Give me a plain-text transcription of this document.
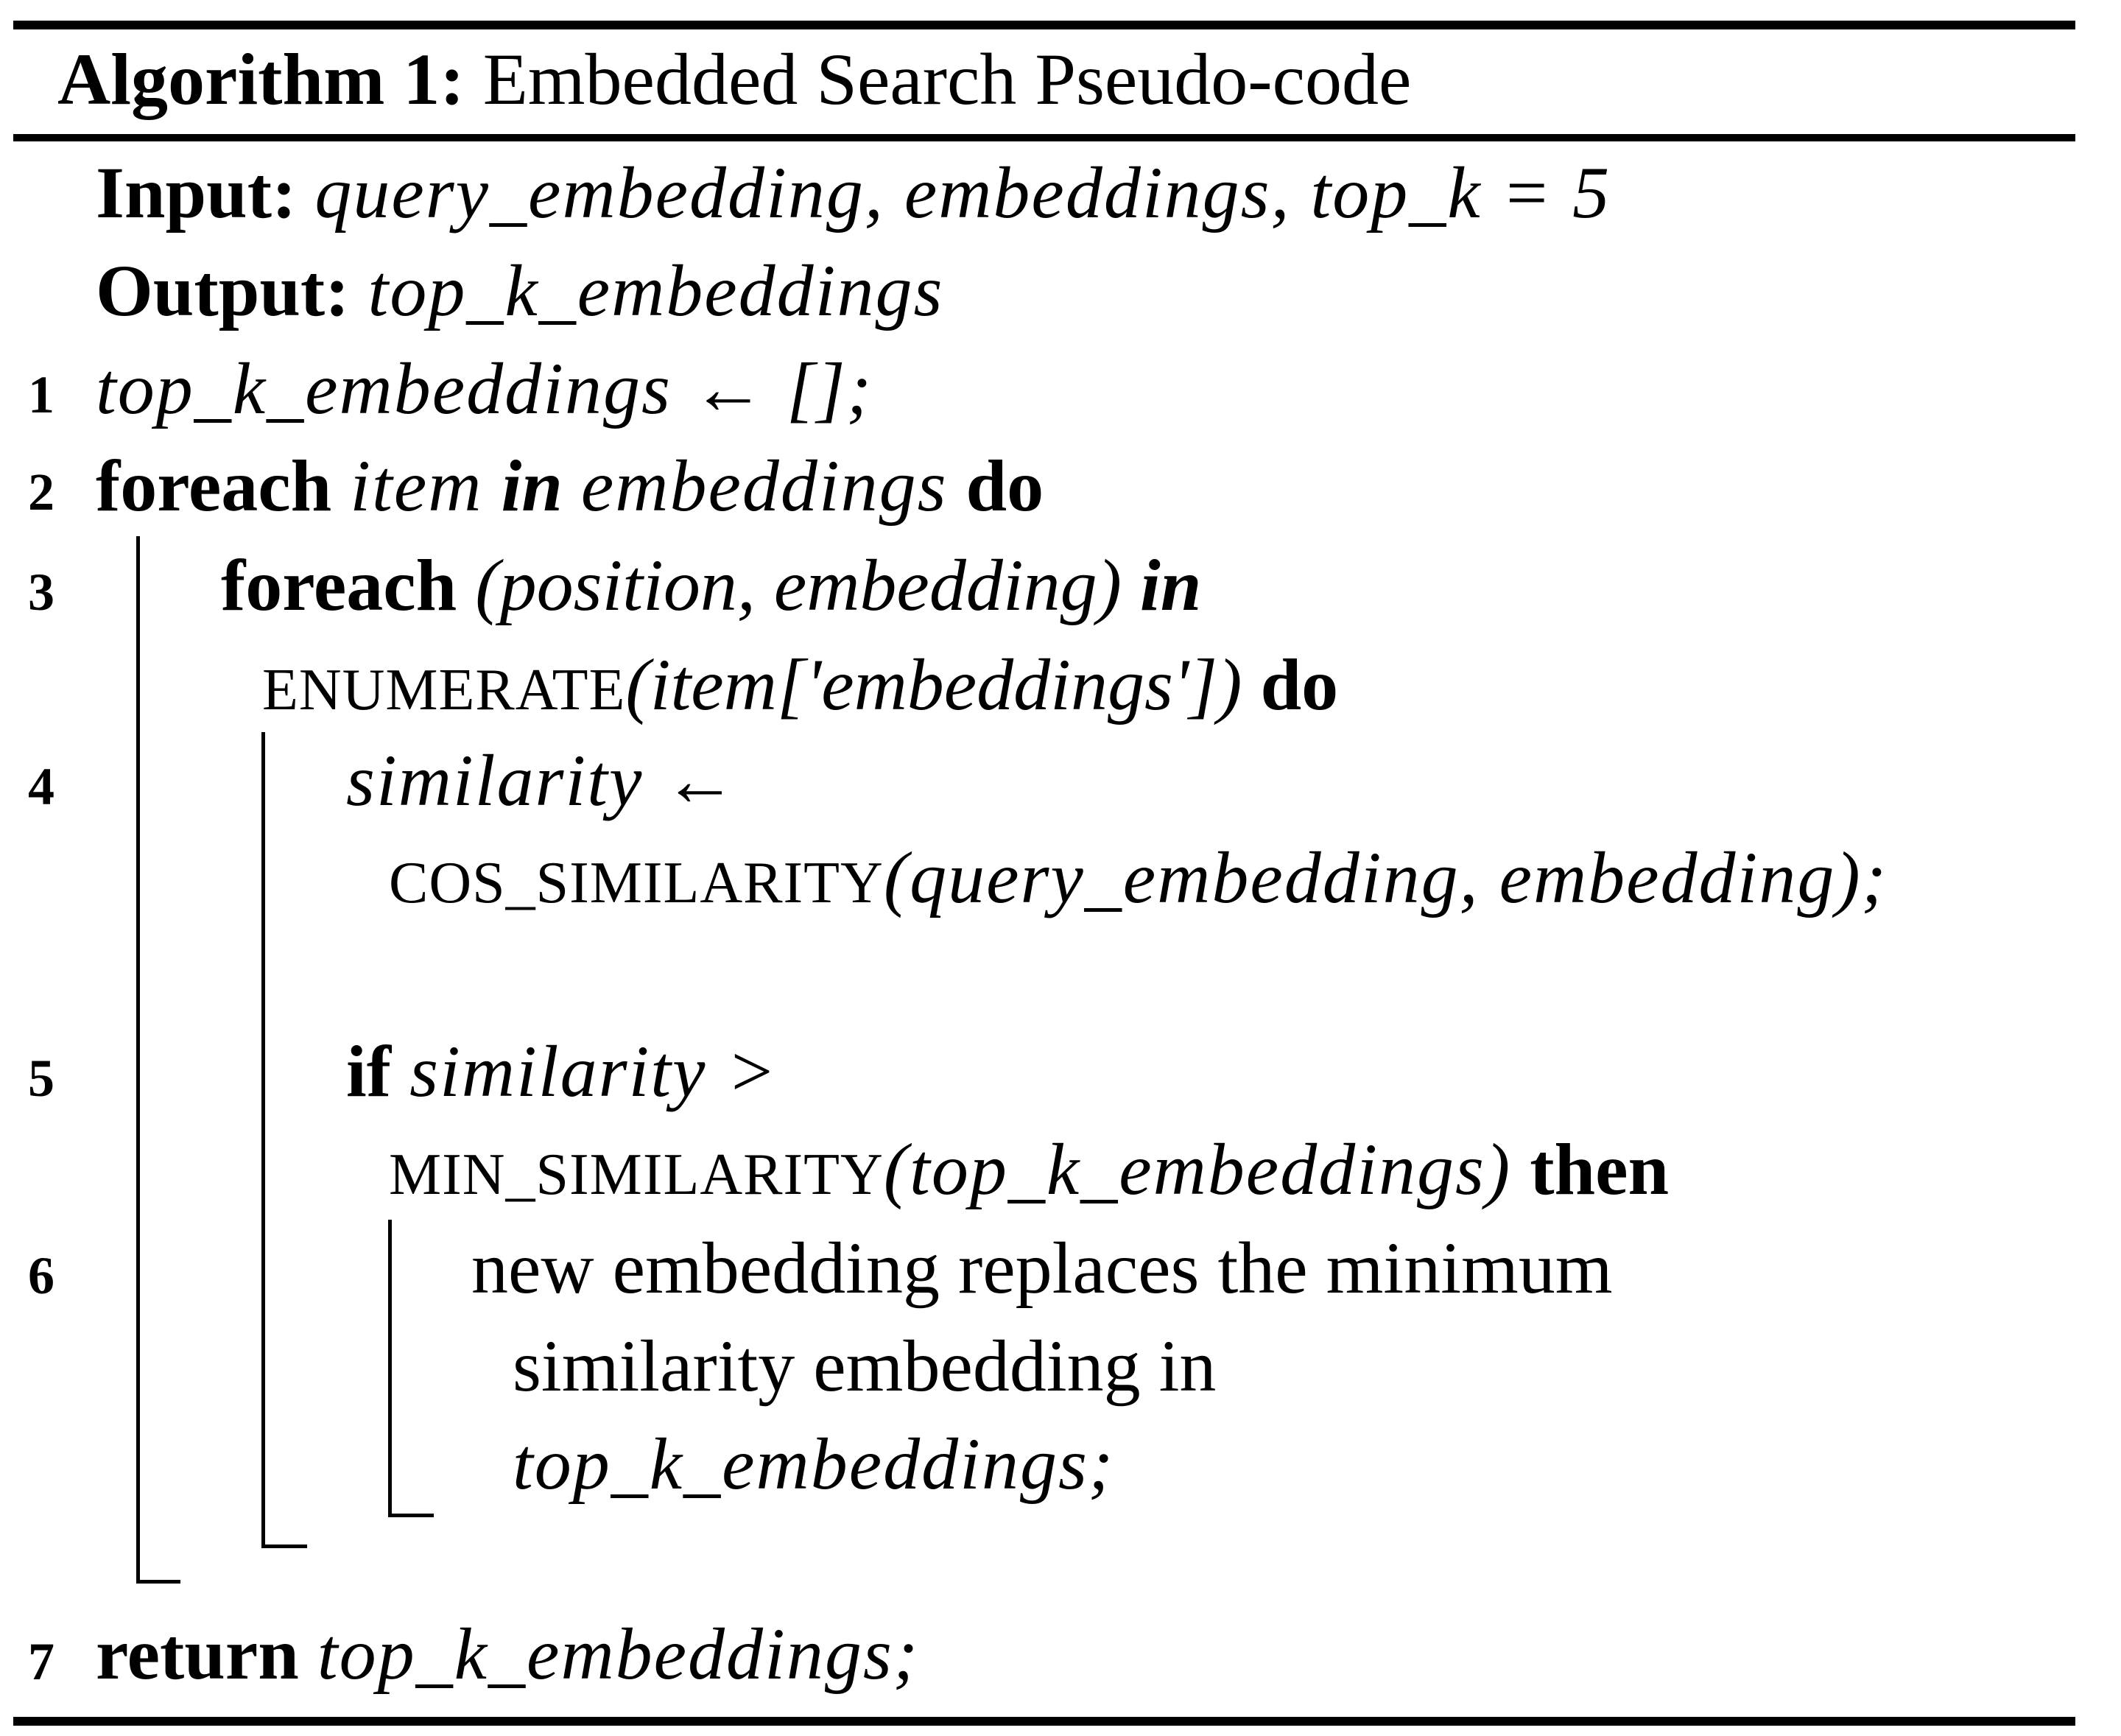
Algorithm 1: Embedded Search Pseudo-code
Input: query_embedding, embeddings, top_k = 5
Output: top_k_embeddings
1 top_k_embeddings ← [];
2 foreach item in embeddings do
3 foreach (position, embedding) in
ENUMERATE(item['embeddings']) do
4	similarity ←
COS_SIMILARITY(query_embedding, embedding);
5	if similarity >
MIN_SIMILARITY(top_k_embeddings) then
6	new embedding replaces the minimum
similarity embedding in
top_k_embeddings;
7 return top_k_embeddings;
